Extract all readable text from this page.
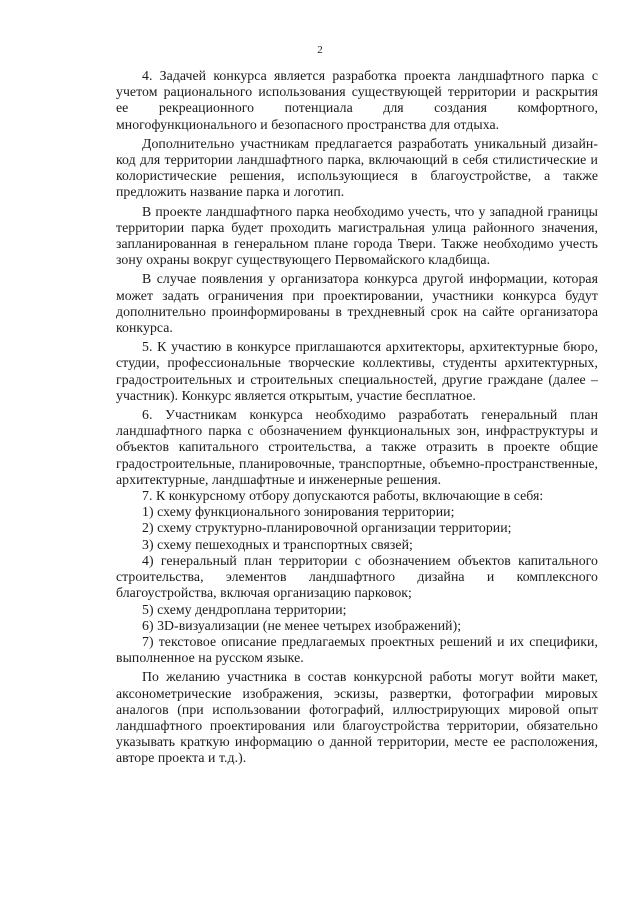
2

4. Задачей конкурса является разработка проекта ландшафтного парка с учетом рационального использования существующей территории и раскрытия ее рекреационного потенциала для создания комфортного, многофункционального и безопасного пространства для отдыха.

Дополнительно участникам предлагается разработать уникальный дизайн-код для территории ландшафтного парка, включающий в себя стилистические и колористические решения, использующиеся в благоустройстве, а также предложить название парка и логотип.

В проекте ландшафтного парка необходимо учесть, что у западной границы территории парка будет проходить магистральная улица районного значения, запланированная в генеральном плане города Твери. Также необходимо учесть зону охраны вокруг существующего Первомайского кладбища.

В случае появления у организатора конкурса другой информации, которая может задать ограничения при проектировании, участники конкурса будут дополнительно проинформированы в трехдневный срок на сайте организатора конкурса.

5. К участию в конкурсе приглашаются архитекторы, архитектурные бюро, студии, профессиональные творческие коллективы, студенты архитектурных, градостроительных и строительных специальностей, другие граждане (далее – участник). Конкурс является открытым, участие бесплатное.

6. Участникам конкурса необходимо разработать генеральный план ландшафтного парка с обозначением функциональных зон, инфраструктуры и объектов капитального строительства, а также отразить в проекте общие градостроительные, планировочные, транспортные, объемно-пространственные, архитектурные, ландшафтные и инженерные решения.

7. К конкурсному отбору допускаются работы, включающие в себя:

1) схему функционального зонирования территории;

2) схему структурно-планировочной организации территории;

3) схему пешеходных и транспортных связей;

4) генеральный план территории с обозначением объектов капитального строительства, элементов ландшафтного дизайна и комплексного благоустройства, включая организацию парковок;

5) схему дендроплана территории;

6) 3D-визуализации (не менее четырех изображений);

7) текстовое описание предлагаемых проектных решений и их специфики, выполненное на русском языке.

По желанию участника в состав конкурсной работы могут войти макет, аксонометрические изображения, эскизы, развертки, фотографии мировых аналогов (при использовании фотографий, иллюстрирующих мировой опыт ландшафтного проектирования или благоустройства территории, обязательно указывать краткую информацию о данной территории, месте ее расположения, авторе проекта и т.д.).
